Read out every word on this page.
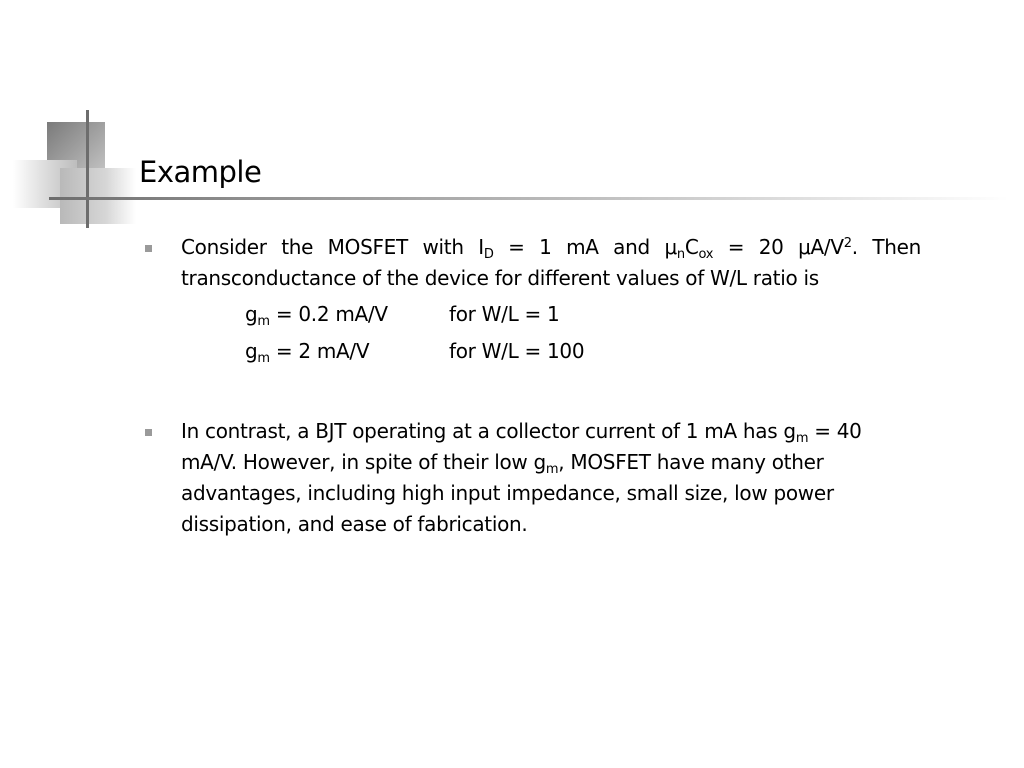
Example
Consider the MOSFET with $I_D = 1$ mA and $\mu_nC_{ox} = 20$ $\mu A/V^2$. Then transconductance of the device for different values of W/L ratio is
$g_m = 0.2$ mA/V	for W/L = 1
$g_m = 2$ mA/V	for W/L = 100
In contrast, a BJT operating at a collector current of 1 mA has $g_m = 40$ mA/V. However, in spite of their low $g_m$, MOSFET have many other advantages, including high input impedance, small size, low power dissipation, and ease of fabrication.
